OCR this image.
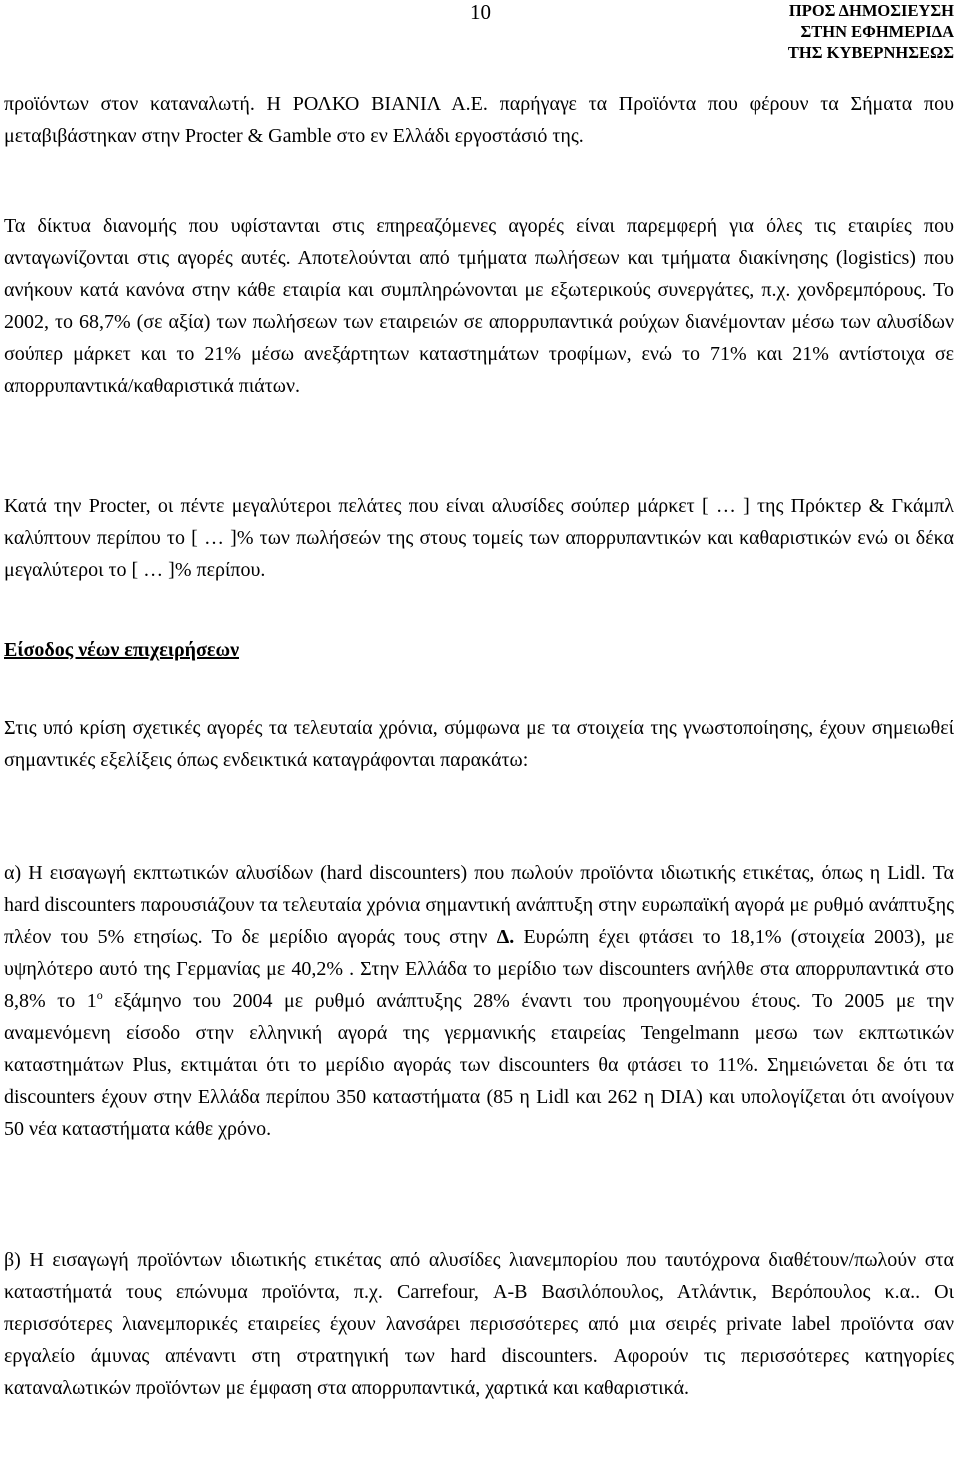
10	ΠΡΟΣ ΔΗΜΟΣΙΕΥΣΗ
ΣΤΗΝ ΕΦΗΜΕΡΙΔΑ
ΤΗΣ ΚΥΒΕΡΝΗΣΕΩΣ
προϊόντων στον καταναλωτή. Η ΡΟΛΚΟ ΒΙΑΝΙΛ Α.Ε. παρήγαγε τα Προϊόντα που φέρουν τα Σήματα που μεταβιβάστηκαν στην Procter & Gamble στο εν Ελλάδι εργοστάσιό της.
Τα δίκτυα διανομής που υφίστανται στις επηρεαζόμενες αγορές είναι παρεμφερή για όλες τις εταιρίες που ανταγωνίζονται στις αγορές αυτές. Αποτελούνται από τμήματα πωλήσεων και τμήματα διακίνησης (logistics) που ανήκουν κατά κανόνα στην κάθε εταιρία και συμπληρώνονται με εξωτερικούς συνεργάτες, π.χ. χονδρεμπόρους. Το 2002, το 68,7% (σε αξία) των πωλήσεων των εταιρειών σε απορρυπαντικά ρούχων διανέμονταν μέσω των αλυσίδων σούπερ μάρκετ και το 21% μέσω ανεξάρτητων καταστημάτων τροφίμων, ενώ το 71% και 21% αντίστοιχα σε απορρυπαντικά/καθαριστικά πιάτων.
Κατά την Procter, οι πέντε μεγαλύτεροι πελάτες που είναι αλυσίδες σούπερ μάρκετ [ … ] της Πρόκτερ & Γκάμπλ καλύπτουν περίπου το [ … ]% των πωλήσεών της στους τομείς των απορρυπαντικών και καθαριστικών ενώ οι δέκα μεγαλύτεροι το [ … ]% περίπου.
Είσοδος νέων επιχειρήσεων
Στις υπό κρίση σχετικές αγορές τα τελευταία χρόνια, σύμφωνα με τα στοιχεία της γνωστοποίησης, έχουν σημειωθεί σημαντικές εξελίξεις όπως ενδεικτικά καταγράφονται παρακάτω:
α) Η εισαγωγή εκπτωτικών αλυσίδων (hard discounters) που πωλούν προϊόντα ιδιωτικής ετικέτας, όπως η Lidl. Τα hard discounters παρουσιάζουν τα τελευταία χρόνια σημαντική ανάπτυξη στην ευρωπαϊκή αγορά με ρυθμό ανάπτυξης πλέον του 5% ετησίως. Το δε μερίδιο αγοράς τους στην Δ. Ευρώπη έχει φτάσει το 18,1% (στοιχεία 2003), με υψηλότερο αυτό της Γερμανίας με 40,2% . Στην Ελλάδα το μερίδιο των discounters ανήλθε στα απορρυπαντικά στο 8,8% το $1^o$ εξάμηνο του 2004 με ρυθμό ανάπτυξης 28% έναντι του προηγουμένου έτους. Το 2005 με την αναμενόμενη είσοδο στην ελληνική αγορά της γερμανικής εταιρείας Tengelmann μεσω των εκπτωτικών καταστημάτων Plus, εκτιμάται ότι το μερίδιο αγοράς των discounters θα φτάσει το 11%. Σημειώνεται δε ότι τα discounters έχουν στην Ελλάδα περίπου 350 καταστήματα (85 η Lidl και 262 η DIA) και υπολογίζεται ότι ανοίγουν 50 νέα καταστήματα κάθε χρόνο.
β) Η εισαγωγή προϊόντων ιδιωτικής ετικέτας από αλυσίδες λιανεμπορίου που ταυτόχρονα διαθέτουν/πωλούν στα καταστήματά τους επώνυμα προϊόντα, π.χ. Carrefour, Α-Β Βασιλόπουλος, Ατλάντικ, Βερόπουλος κ.α.. Οι περισσότερες λιανεμπορικές εταιρείες έχουν λανσάρει περισσότερες από μια σειρές private label προϊόντα σαν εργαλείο άμυνας απέναντι στη στρατηγική των hard discounters. Αφορούν τις περισσότερες κατηγορίες καταναλωτικών προϊόντων με έμφαση στα απορρυπαντικά, χαρτικά και καθαριστικά.
